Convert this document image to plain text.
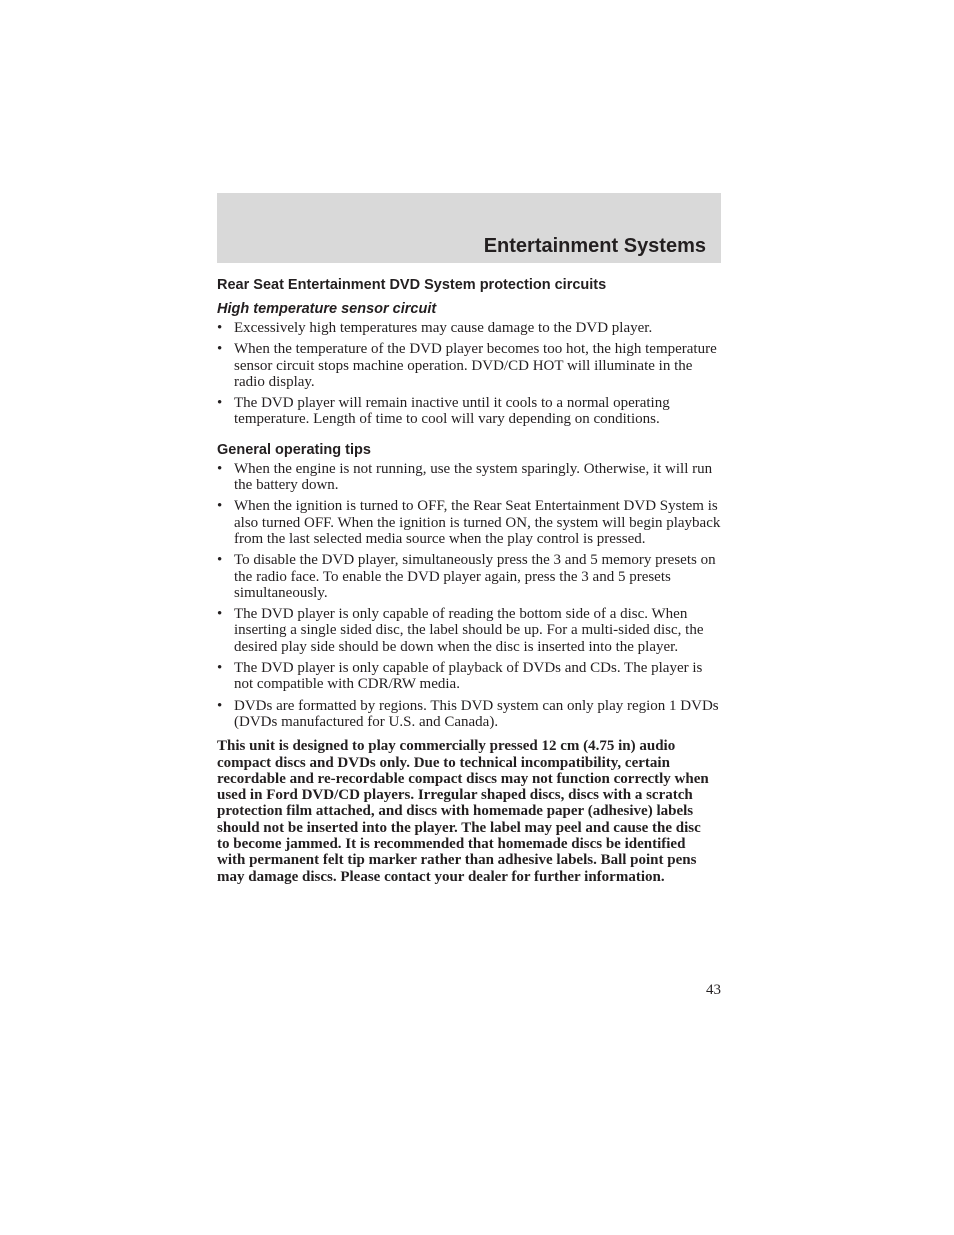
Entertainment Systems
Rear Seat Entertainment DVD System protection circuits
High temperature sensor circuit
• Excessively high temperatures may cause damage to the DVD player.
• When the temperature of the DVD player becomes too hot, the high temperature sensor circuit stops machine operation. DVD/CD HOT will illuminate in the radio display.
• The DVD player will remain inactive until it cools to a normal operating temperature. Length of time to cool will vary depending on conditions.
General operating tips
• When the engine is not running, use the system sparingly. Otherwise, it will run the battery down.
• When the ignition is turned to OFF, the Rear Seat Entertainment DVD System is also turned OFF. When the ignition is turned ON, the system will begin playback from the last selected media source when the play control is pressed.
• To disable the DVD player, simultaneously press the 3 and 5 memory presets on the radio face. To enable the DVD player again, press the 3 and 5 presets simultaneously.
• The DVD player is only capable of reading the bottom side of a disc. When inserting a single sided disc, the label should be up. For a multi-sided disc, the desired play side should be down when the disc is inserted into the player.
• The DVD player is only capable of playback of DVDs and CDs. The player is not compatible with CDR/RW media.
• DVDs are formatted by regions. This DVD system can only play region 1 DVDs (DVDs manufactured for U.S. and Canada).

This unit is designed to play commercially pressed 12 cm (4.75 in) audio compact discs and DVDs only. Due to technical incompatibility, certain recordable and re-recordable compact discs may not function correctly when used in Ford DVD/CD players. Irregular shaped discs, discs with a scratch protection film attached, and discs with homemade paper (adhesive) labels should not be inserted into the player. The label may peel and cause the disc to become jammed. It is recommended that homemade discs be identified with permanent felt tip marker rather than adhesive labels. Ball point pens may damage discs. Please contact your dealer for further information.

43
